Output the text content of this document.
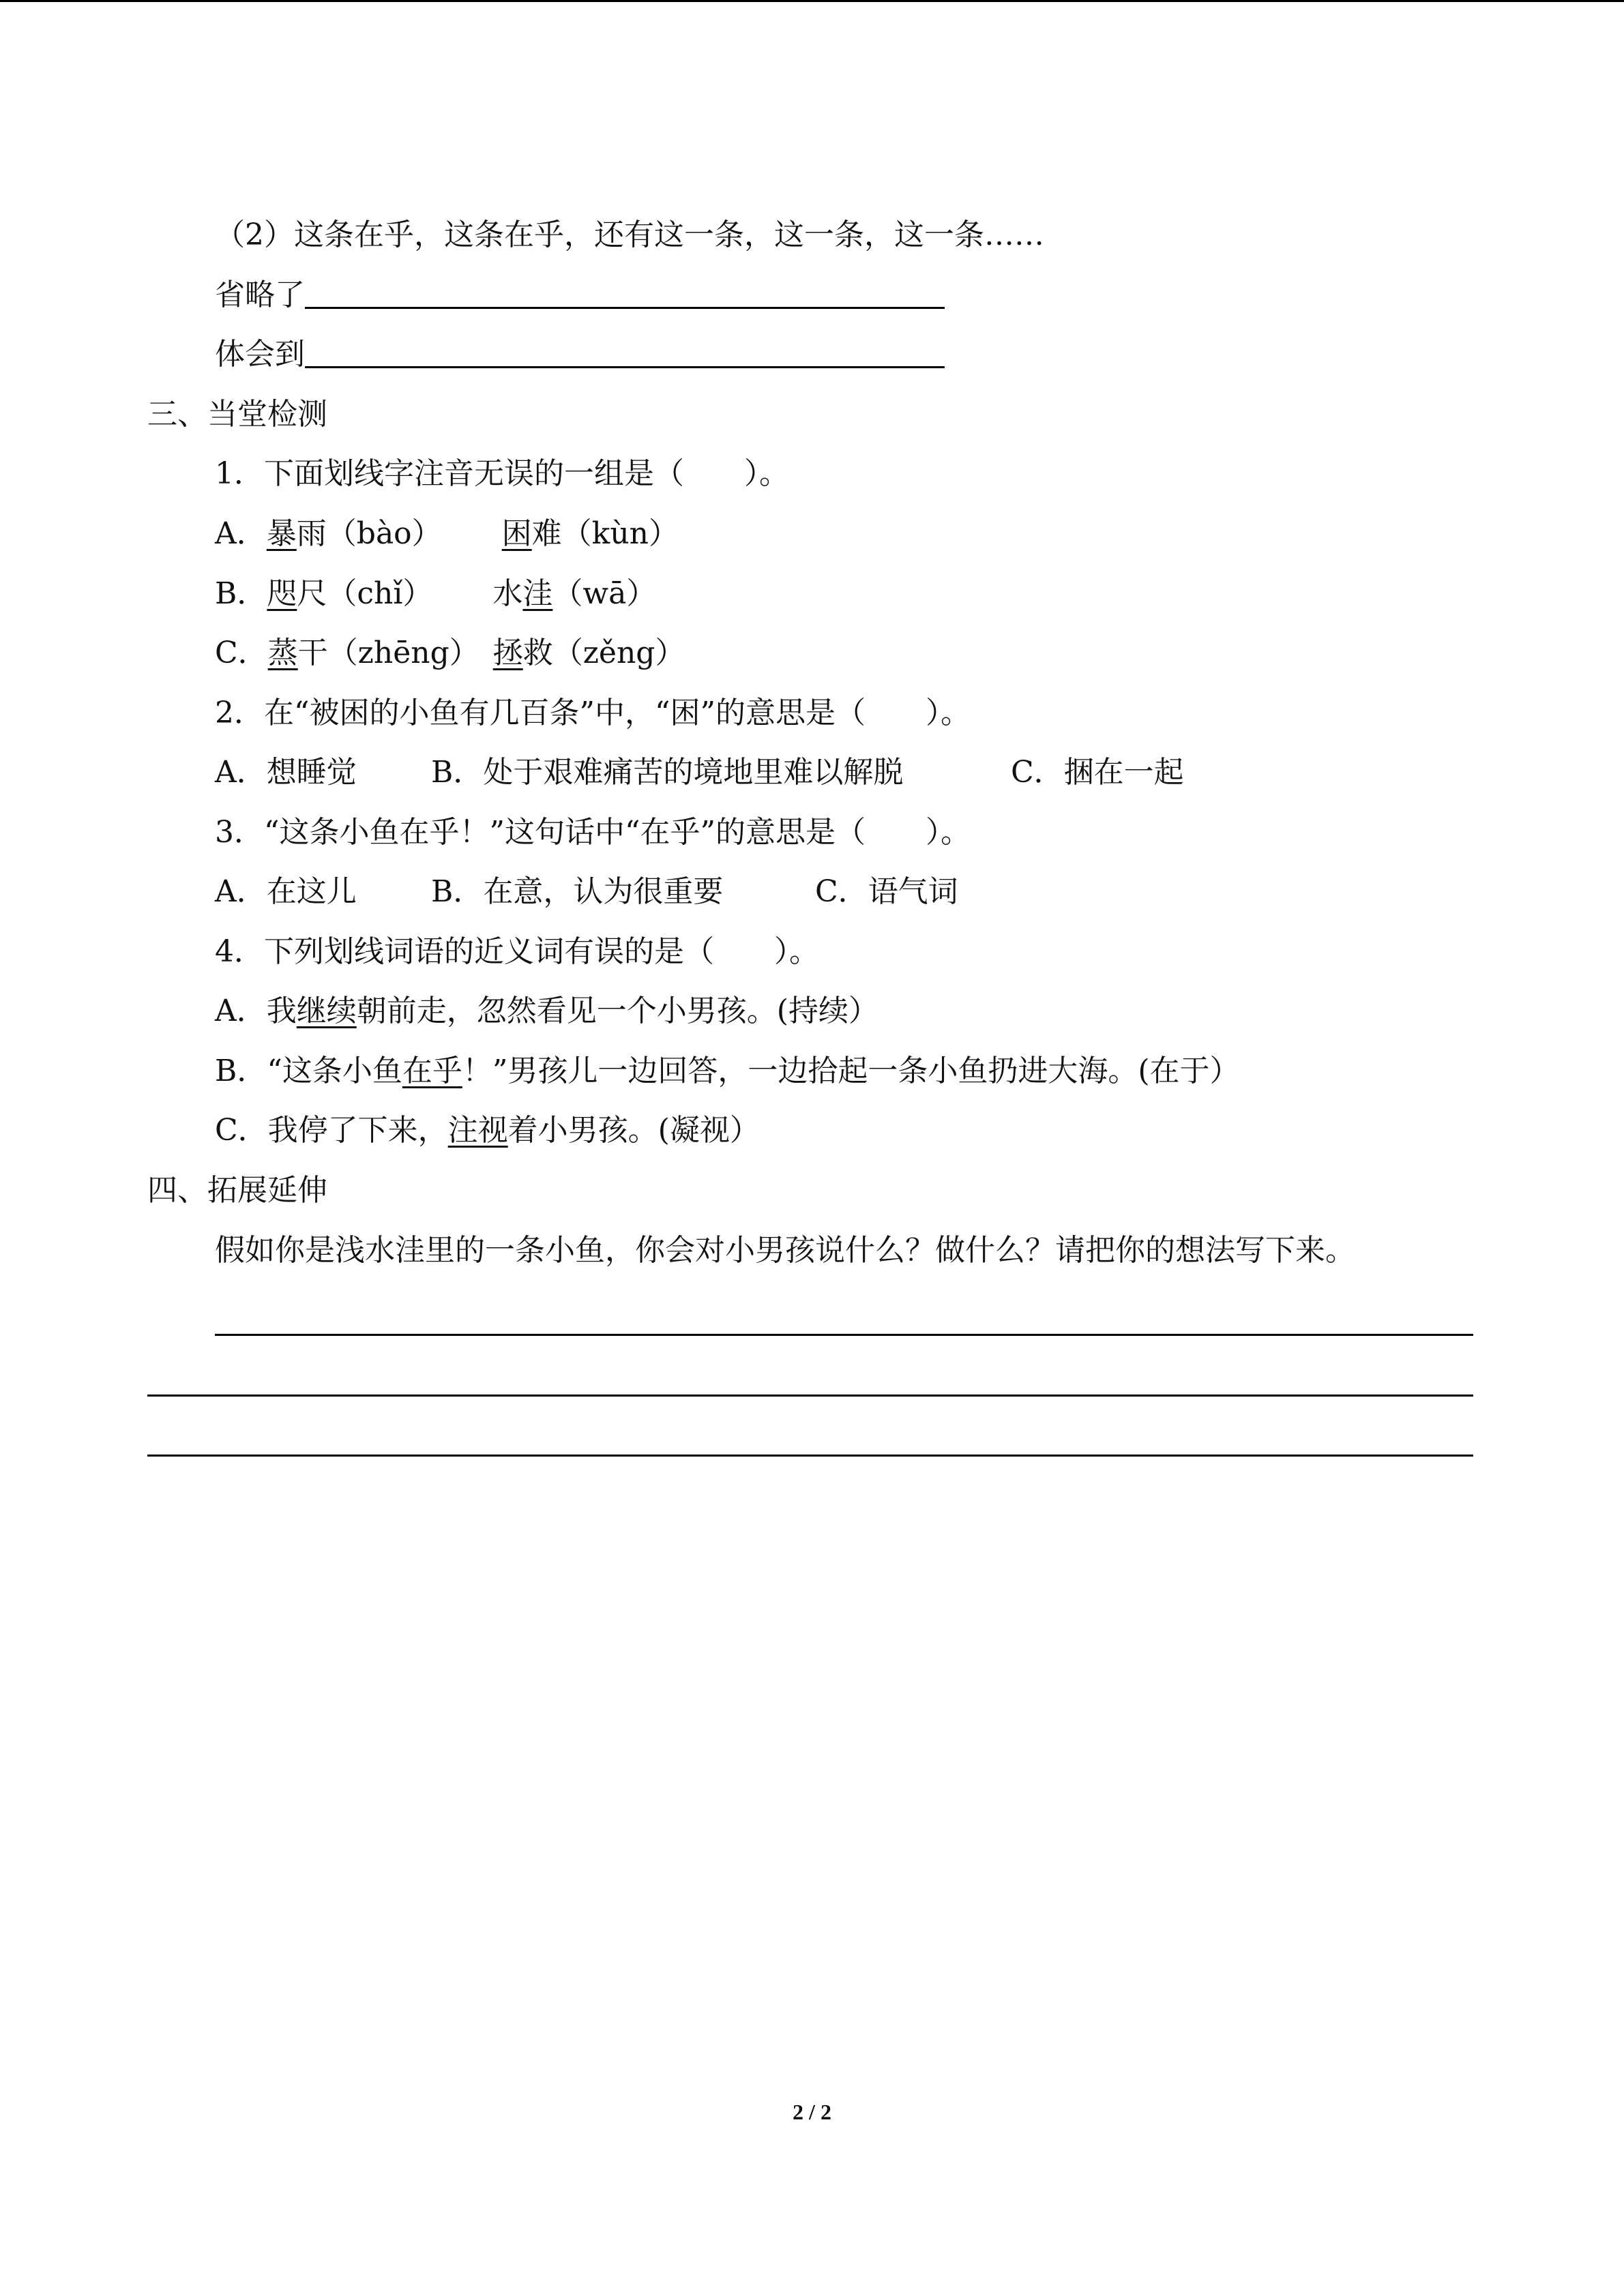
（2）这条在乎，这条在乎，还有这一条，这一条，这一条……
省略了
体会到
三、当堂检测
1．下面划线字注音无误的一组是（　　）。
A．暴雨（bào） 困难（kùn）
B．咫尺（chǐ） 水洼（wā）
C．蒸干（zhēng） 拯救（zěng）
2．在“被困的小鱼有几百条”中，“困”的意思是（　　）。
A．想睡觉 B．处于艰难痛苦的境地里难以解脱	C．捆在一起
3．“这条小鱼在乎！”这句话中“在乎”的意思是（　　）。
A．在这儿 B．在意，认为很重要	C．语气词
4．下列划线词语的近义词有误的是（　　）。
A．我继续朝前走，忽然看见一个小男孩。(持续）
B．“这条小鱼在乎！”男孩儿一边回答，一边拾起一条小鱼扔进大海。(在于）
C．我停了下来，注视着小男孩。(凝视）
四、拓展延伸
假如你是浅水洼里的一条小鱼，你会对小男孩说什么？做什么？请把你的想法写下来。
2 / 2
